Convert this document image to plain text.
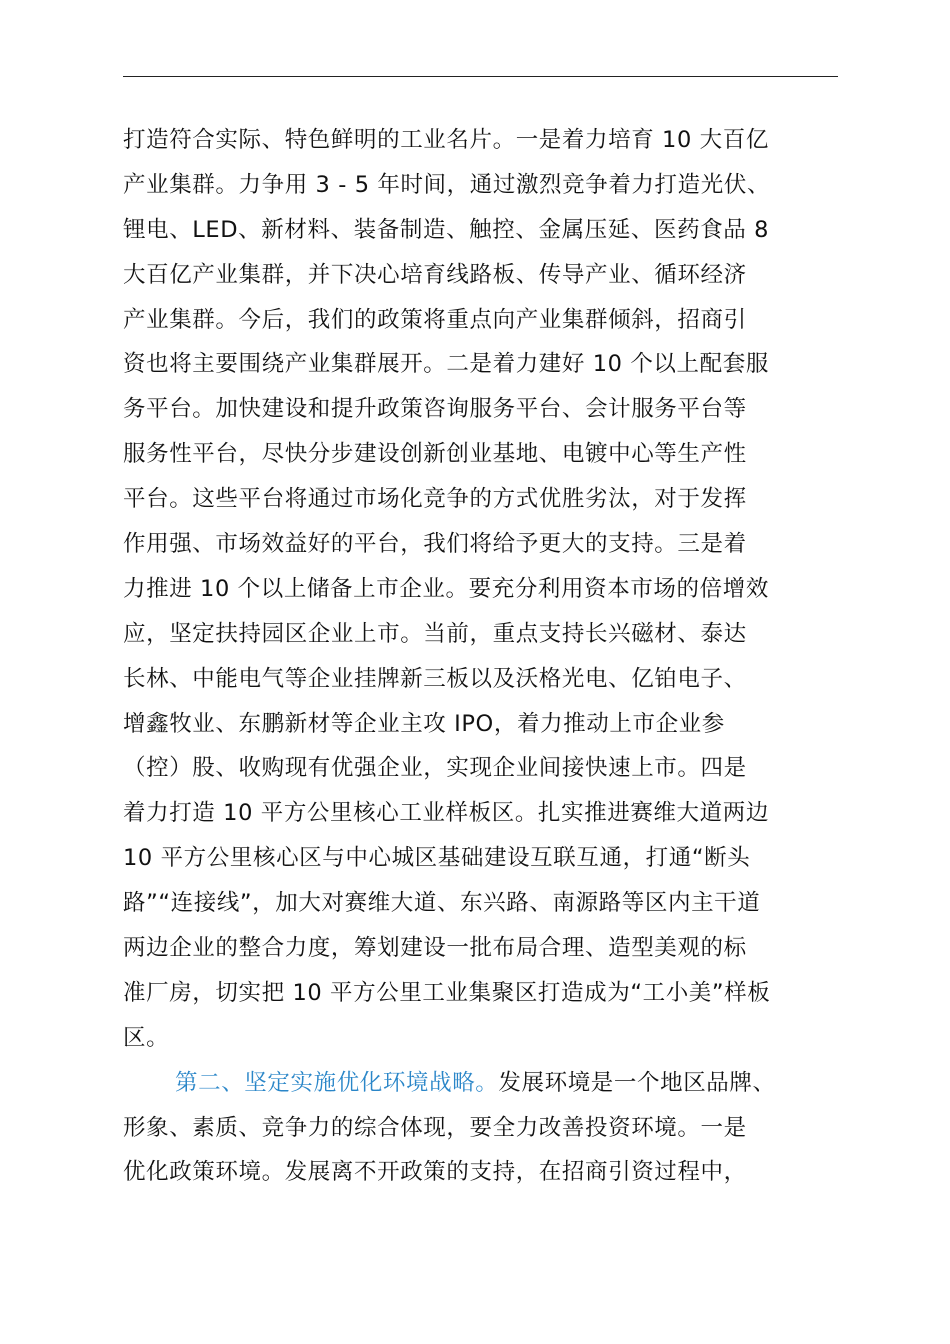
打造符合实际、特色鲜明的工业名片。一是着力培育 10 大百亿
产业集群。力争用 3 - 5 年时间，通过激烈竞争着力打造光伏、
锂电、LED、新材料、装备制造、触控、金属压延、医药食品 8
大百亿产业集群，并下决心培育线路板、传导产业、循环经济
产业集群。今后，我们的政策将重点向产业集群倾斜，招商引
资也将主要围绕产业集群展开。二是着力建好 10 个以上配套服
务平台。加快建设和提升政策咨询服务平台、会计服务平台等
服务性平台，尽快分步建设创新创业基地、电镀中心等生产性
平台。这些平台将通过市场化竞争的方式优胜劣汰，对于发挥
作用强、市场效益好的平台，我们将给予更大的支持。三是着
力推进 10 个以上储备上市企业。要充分利用资本市场的倍增效
应，坚定扶持园区企业上市。当前，重点支持长兴磁材、泰达
长林、中能电气等企业挂牌新三板以及沃格光电、亿铂电子、
增鑫牧业、东鹏新材等企业主攻 IPO，着力推动上市企业参
（控）股、收购现有优强企业，实现企业间接快速上市。四是
着力打造 10 平方公里核心工业样板区。扎实推进赛维大道两边
10 平方公里核心区与中心城区基础建设互联互通，打通“断头
路”“连接线”，加大对赛维大道、东兴路、南源路等区内主干道
两边企业的整合力度，筹划建设一批布局合理、造型美观的标
准厂房，切实把 10 平方公里工业集聚区打造成为“工小美”样板
区。
第二、坚定实施优化环境战略。发展环境是一个地区品牌、
形象、素质、竞争力的综合体现，要全力改善投资环境。一是
优化政策环境。发展离不开政策的支持，在招商引资过程中，
